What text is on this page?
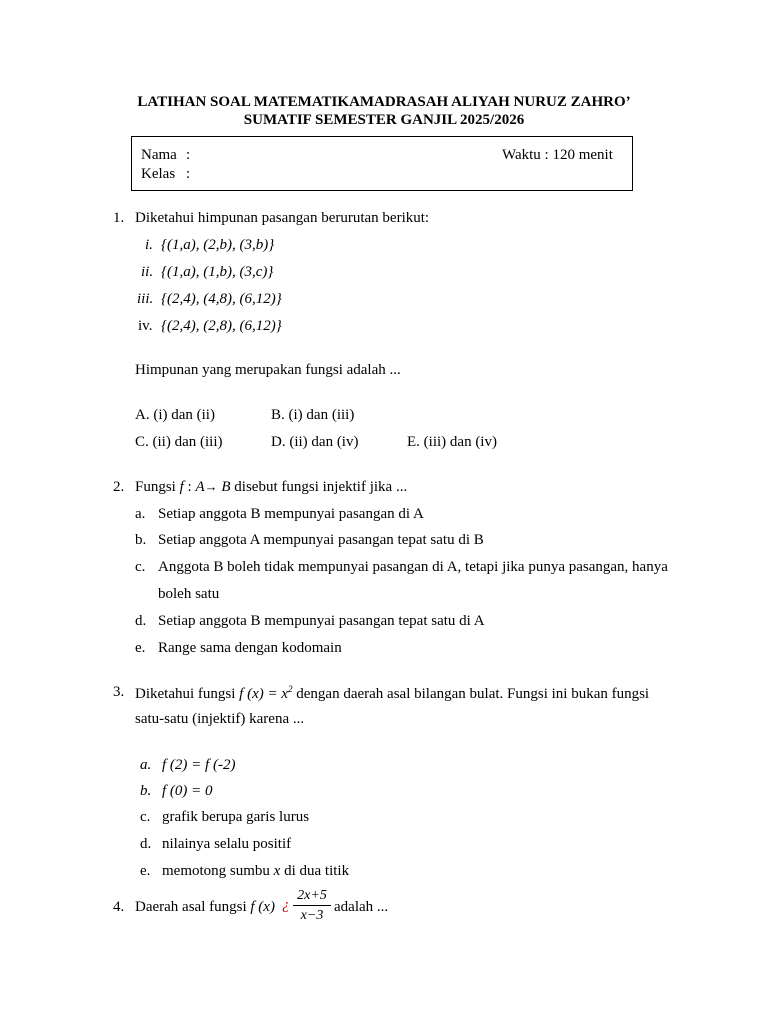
LATIHAN SOAL MATEMATIKAMADRASAH ALIYAH NURUZ ZAHRO’
SUMATIF SEMESTER GANJIL 2025/2026
Nama :
Kelas :
Waktu : 120 menit
1. Diketahui himpunan pasangan berurutan berikut:
i. {(1,a), (2,b), (3,b)}
ii. {(1,a), (1,b), (3,c)}
iii. {(2,4), (4,8), (6,12)}
iv. {(2,4), (2,8), (6,12)}
Himpunan yang merupakan fungsi adalah ...
A. (i) dan (ii)	B. (i) dan (iii)
C. (ii) dan (iii)	D. (ii) dan (iv)	E. (iii) dan (iv)
2. Fungsi f : A→ B disebut fungsi injektif jika ...
a. Setiap anggota B mempunyai pasangan di A
b. Setiap anggota A mempunyai pasangan tepat satu di B
c. Anggota B boleh tidak mempunyai pasangan di A, tetapi jika punya pasangan, hanya
boleh satu
d. Setiap anggota B mempunyai pasangan tepat satu di A
e. Range sama dengan kodomain
3. Diketahui fungsi f $(x) = x^2$ dengan daerah asal bilangan bulat. Fungsi ini bukan fungsi
satu-satu (injektif) karena ...
a. f (2) = f (-2)
b. f (0) = 0
c. grafik berupa garis lurus
d. nilainya selalu positif
e. memotong sumbu x di dua titik
4. Daerah asal fungsi f (x) ¿ $\frac{2x+5}{x-3}$ adalah ...
